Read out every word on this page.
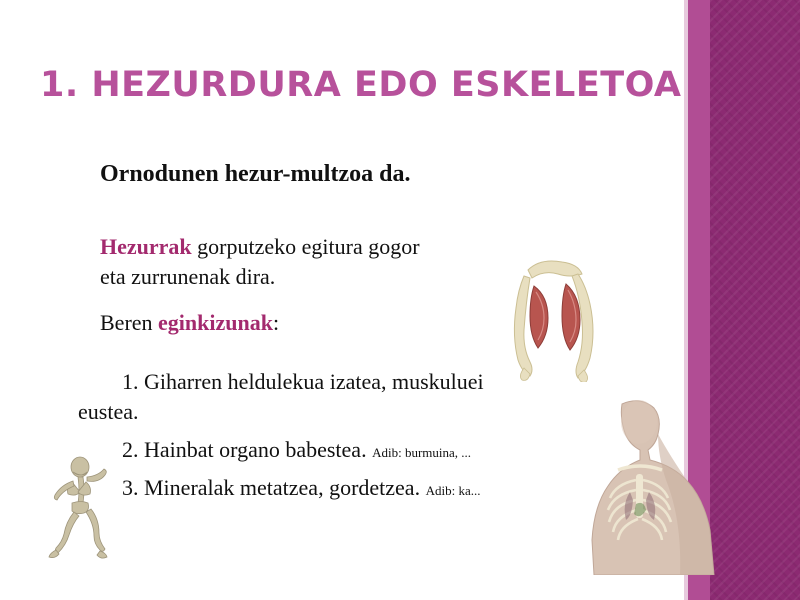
1. HEZURDURA EDO ESKELETOA

Ornodunen hezur-multzoa da.

Hezurrak gorputzeko egitura gogor
eta zurrunenak dira.

Beren eginkizunak:

1. Giharren heldulekua izatea, muskuluei
eustea.

2. Hainbat organo babestea. Adib: burmuina, ...

3. Mineralak metatzea, gordetzea. Adib: ka...
